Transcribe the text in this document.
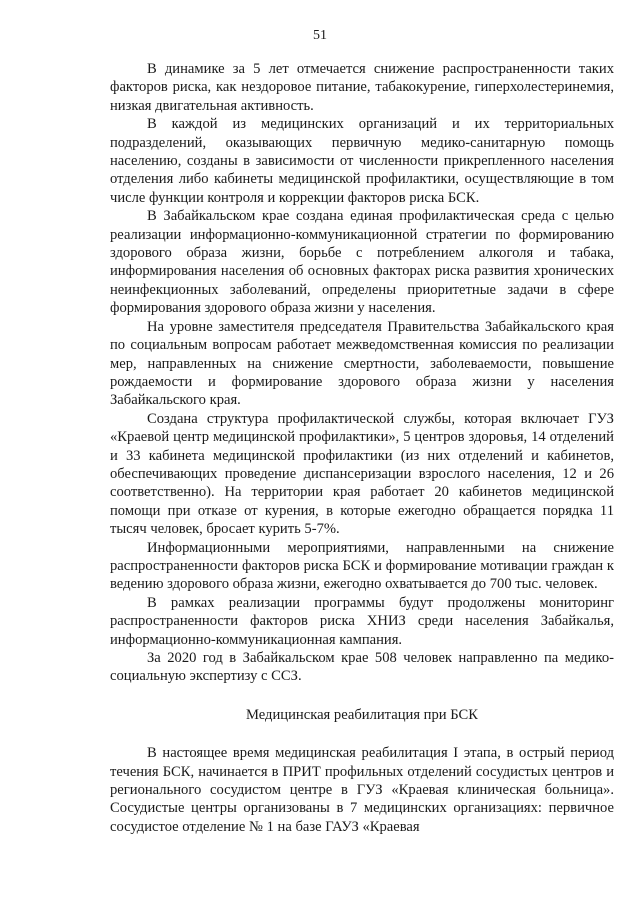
51

В динамике за 5 лет отмечается снижение распространенности таких факторов риска, как нездоровое питание, табакокурение, гиперхолестеринемия, низкая двигательная активность.

В каждой из медицинских организаций и их территориальных подразделений, оказывающих первичную медико-санитарную помощь населению, созданы в зависимости от численности прикрепленного населения отделения либо кабинеты медицинской профилактики, осуществляющие в том числе функции контроля и коррекции факторов риска БСК.

В Забайкальском крае создана единая профилактическая среда с целью реализации информационно-коммуникационной стратегии по формированию здорового образа жизни, борьбе с потреблением алкоголя и табака, информирования населения об основных факторах риска развития хронических неинфекционных заболеваний, определены приоритетные задачи в сфере формирования здорового образа жизни у населения.

На уровне заместителя председателя Правительства Забайкальского края по социальным вопросам работает межведомственная комиссия по реализации мер, направленных на снижение смертности, заболеваемости, повышение рождаемости и формирование здорового образа жизни у населения Забайкальского края.

Создана структура профилактической службы, которая включает ГУЗ «Краевой центр медицинской профилактики», 5 центров здоровья, 14 отделений и 33 кабинета медицинской профилактики (из них отделений и кабинетов, обеспечивающих проведение диспансеризации взрослого населения, 12 и 26 соответственно). На территории края работает 20 кабинетов медицинской помощи при отказе от курения, в которые ежегодно обращается порядка 11 тысяч человек, бросает курить 5-7%.

Информационными мероприятиями, направленными на снижение распространенности факторов риска БСК и формирование мотивации граждан к ведению здорового образа жизни, ежегодно охватывается до 700 тыс. человек.

В рамках реализации программы будут продолжены мониторинг распространенности факторов риска ХНИЗ среди населения Забайкалья, информационно-коммуникационная кампания.

За 2020 год в Забайкальском крае 508 человек направленно па медико-социальную экспертизу с ССЗ.

Медицинская реабилитация при БСК

В настоящее время медицинская реабилитация I этапа, в острый период течения БСК, начинается в ПРИТ профильных отделений сосудистых центров и регионального сосудистом центре в ГУЗ «Краевая клиническая больница». Сосудистые центры организованы в 7 медицинских организациях: первичное сосудистое отделение № 1 на базе ГАУЗ «Краевая
